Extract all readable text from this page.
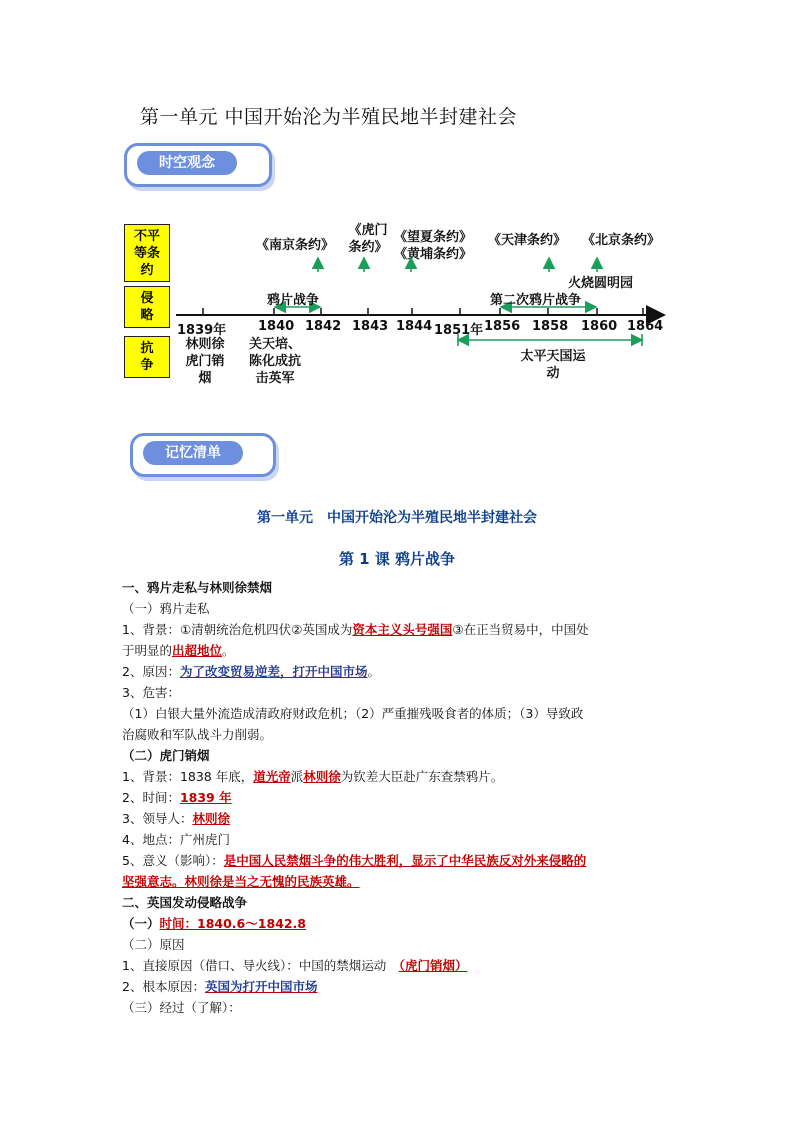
第一单元 中国开始沦为半殖民地半封建社会
时空观念
不平
等条
约
侵
略
抗
争
《南京条约》
《虎门
条约》
《望夏条约》
《黄埔条约》
《天津条约》 《北京条约》
鸦片战争	第二次鸦片战争
火烧圆明园
1839年 1840 1842 1843 1844 1851年 1856 1858 1860 1864
林则徐
虎门销
烟
关天培、
陈化成抗
击英军
太平天国运
动
记忆清单
第一单元　中国开始沦为半殖民地半封建社会
第 1 课 鸦片战争
一、鸦片走私与林则徐禁烟
（一）鸦片走私
1、背景：①清朝统治危机四伏②英国成为资本主义头号强国③在正当贸易中，中国处
于明显的出超地位。
2、原因：为了改变贸易逆差，打开中国市场。
3、危害：
（1）白银大量外流造成清政府财政危机；（2）严重摧残吸食者的体质；（3）导致政
治腐败和军队战斗力削弱。
（二）虎门销烟
1、背景：1838 年底，道光帝派林则徐为钦差大臣赴广东查禁鸦片。
2、时间：1839 年
3、领导人：林则徐
4、地点：广州虎门
5、意义（影响）：是中国人民禁烟斗争的伟大胜利，显示了中华民族反对外来侵略的
坚强意志。林则徐是当之无愧的民族英雄。
二、英国发动侵略战争
（一）时间：1840.6～1842.8
（二）原因
1、直接原因（借口、导火线）：中国的禁烟运动　（虎门销烟）
2、根本原因：英国为打开中国市场
（三）经过（了解）：
